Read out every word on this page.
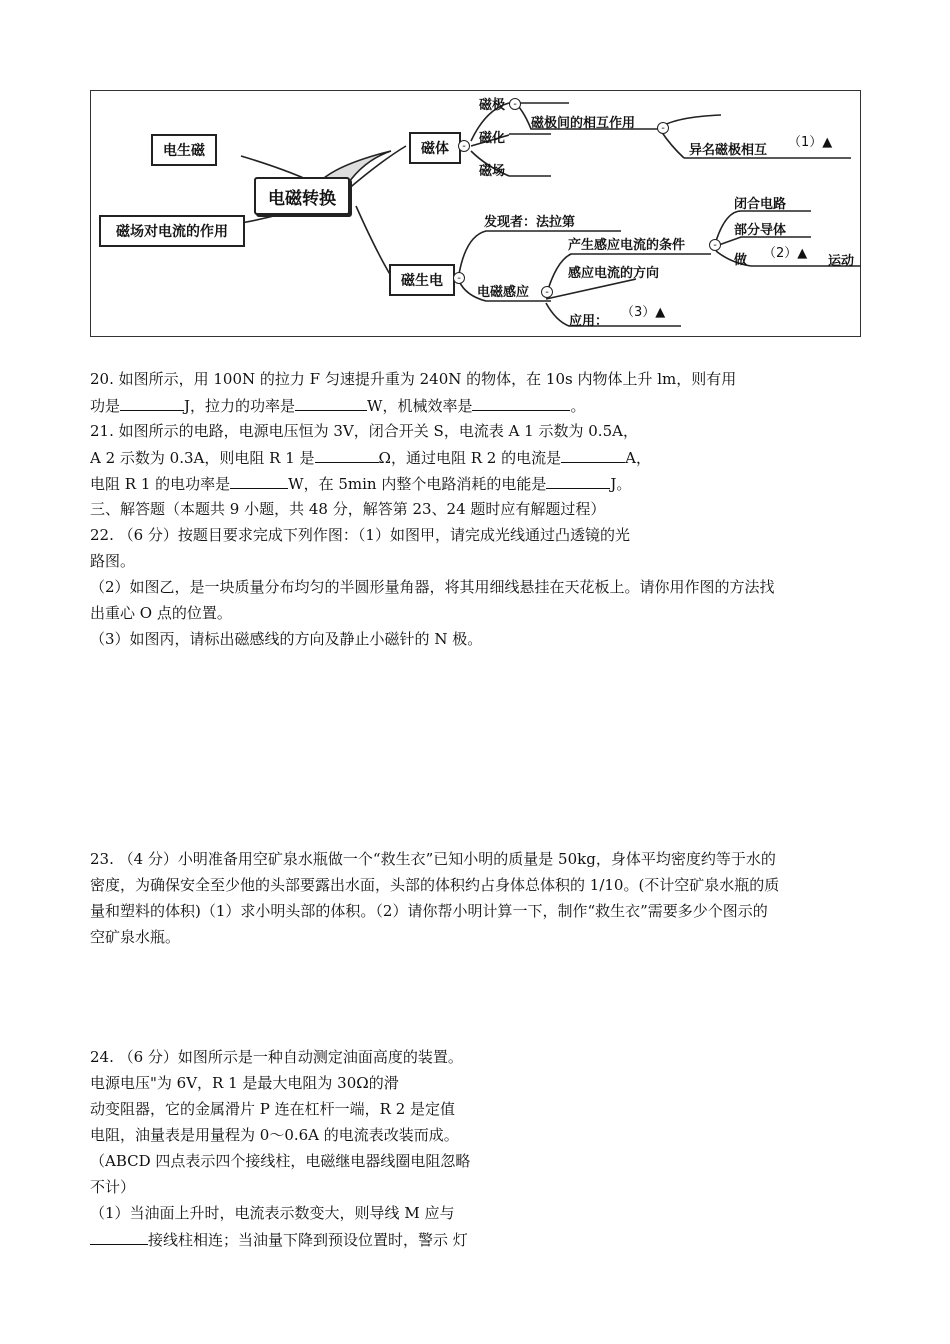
电生磁
磁场对电流的作用
电磁转换
磁体	-
磁极 -
磁化
磁场
磁极间的相互作用	-
异名磁极相互
（1）▲
磁生电	-
发现者：法拉第
电磁感应	-
产生感应电流的条件	-
闭合电路
部分导体
做 （2）▲
运动
感应电流的方向
应用：
（3）▲
20. 如图所示，用 100N 的拉力 F 匀速提升重为 240N 的物体，在 10s 内物体上升 lm，则有用
功是	J，拉力的功率是	W，机械效率是	。
21. 如图所示的电路，电源电压恒为 3V，闭合开关 S，电流表 A 1 示数为 0.5A，
A 2 示数为 0.3A，则电阻 R 1 是	Ω，通过电阻 R 2 的电流是	A，
电阻 R 1 的电功率是	W，在 5min 内整个电路消耗的电能是	J。
三、解答题（本题共 9 小题，共 48 分，解答第 23、24 题时应有解题过程）
22. （6 分）按题目要求完成下列作图：（1）如图甲，请完成光线通过凸透镜的光
路图。
（2）如图乙，是一块质量分布均匀的半圆形量角器，将其用细线悬挂在天花板上。请你用作图的方法找
出重心 O 点的位置。
（3）如图丙，请标出磁感线的方向及静止小磁针的 N 极。
23. （4 分）小明准备用空矿泉水瓶做一个“救生衣”已知小明的质量是 50kg，身体平均密度约等于水的
密度，为确保安全至少他的头部要露出水面，头部的体积约占身体总体积的 1/10。(不计空矿泉水瓶的质
量和塑料的体积)（1）求小明头部的体积。（2）请你帮小明计算一下，制作“救生衣”需要多少个图示的
空矿泉水瓶。
24. （6 分）如图所示是一种自动测定油面高度的装置。
电源电压"为 6V，R 1 是最大电阻为 30Ω的滑
动变阻器，它的金属滑片 P 连在杠杆一端，R 2 是定值
电阻，油量表是用量程为 0～0.6A 的电流表改装而成。
（ABCD 四点表示四个接线柱，电磁继电器线圈电阻忽略
不计）
（1）当油面上升时，电流表示数变大，则导线 M 应与
接线柱相连；当油量下降到预设位置时，警示 灯
